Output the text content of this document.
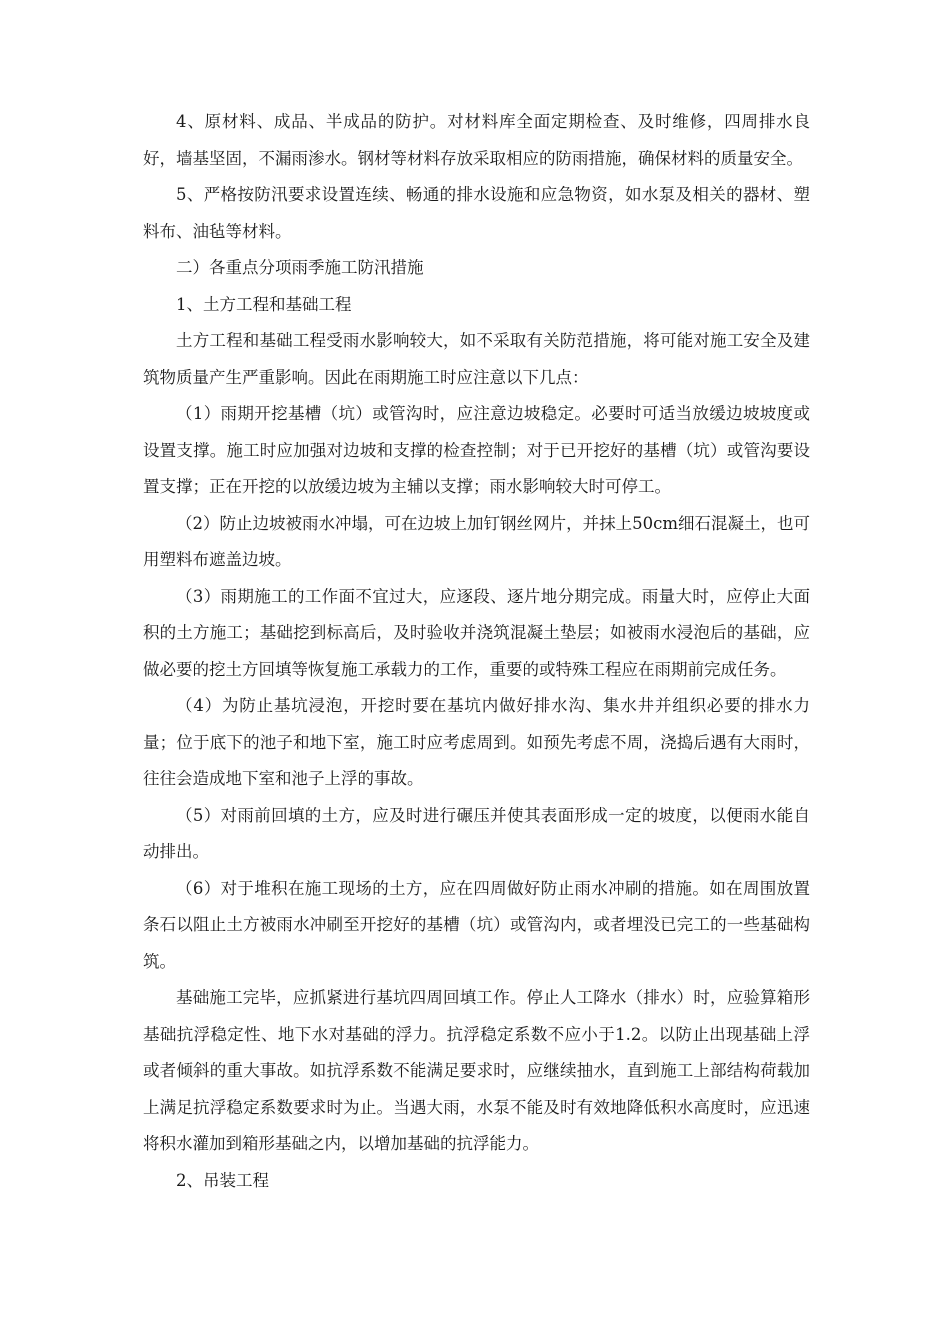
4、原材料、成品、半成品的防护。对材料库全面定期检查、及时维修，四周排水良好，墙基坚固，不漏雨渗水。钢材等材料存放采取相应的防雨措施，确保材料的质量安全。

5、严格按防汛要求设置连续、畅通的排水设施和应急物资，如水泵及相关的器材、塑料布、油毡等材料。

二）各重点分项雨季施工防汛措施

1、土方工程和基础工程

土方工程和基础工程受雨水影响较大，如不采取有关防范措施，将可能对施工安全及建筑物质量产生严重影响。因此在雨期施工时应注意以下几点：

（1）雨期开挖基槽（坑）或管沟时，应注意边坡稳定。必要时可适当放缓边坡坡度或设置支撑。施工时应加强对边坡和支撑的检查控制；对于已开挖好的基槽（坑）或管沟要设置支撑；正在开挖的以放缓边坡为主辅以支撑；雨水影响较大时可停工。

（2）防止边坡被雨水冲塌，可在边坡上加钉钢丝网片，并抹上50cm细石混凝土，也可用塑料布遮盖边坡。

（3）雨期施工的工作面不宜过大，应逐段、逐片地分期完成。雨量大时，应停止大面积的土方施工；基础挖到标高后，及时验收并浇筑混凝土垫层；如被雨水浸泡后的基础，应做必要的挖土方回填等恢复施工承载力的工作，重要的或特殊工程应在雨期前完成任务。

（4）为防止基坑浸泡，开挖时要在基坑内做好排水沟、集水井并组织必要的排水力量；位于底下的池子和地下室，施工时应考虑周到。如预先考虑不周，浇捣后遇有大雨时，往往会造成地下室和池子上浮的事故。

（5）对雨前回填的土方，应及时进行碾压并使其表面形成一定的坡度，以便雨水能自动排出。

（6）对于堆积在施工现场的土方，应在四周做好防止雨水冲刷的措施。如在周围放置条石以阻止土方被雨水冲刷至开挖好的基槽（坑）或管沟内，或者埋没已完工的一些基础构筑。

基础施工完毕，应抓紧进行基坑四周回填工作。停止人工降水（排水）时，应验算箱形基础抗浮稳定性、地下水对基础的浮力。抗浮稳定系数不应小于1.2。以防止出现基础上浮或者倾斜的重大事故。如抗浮系数不能满足要求时，应继续抽水，直到施工上部结构荷载加上满足抗浮稳定系数要求时为止。当遇大雨，水泵不能及时有效地降低积水高度时，应迅速将积水灌加到箱形基础之内，以增加基础的抗浮能力。

2、吊装工程
